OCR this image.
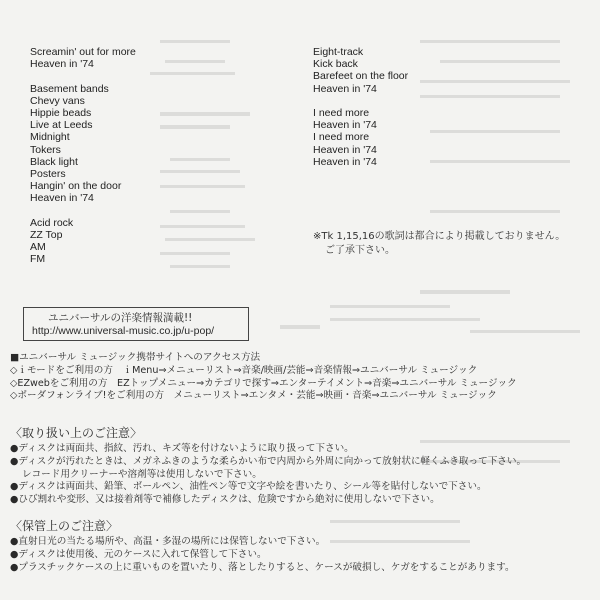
Screamin' out for more
Heaven in '74
Basement bands
Chevy vans
Hippie beads
Live at Leeds
Midnight
Tokers
Black light
Posters
Hangin' on the door
Heaven in '74
Acid rock
ZZ Top
AM
FM
Eight-track
Kick back
Barefeet on the floor
Heaven in '74
I need more
Heaven in '74
I need more
Heaven in '74
Heaven in '74
※Tk 1,15,16の歌詞は都合により掲載しておりません。
ご了承下さい。
ユニバーサルの洋楽情報満載!!
http://www.universal-music.co.jp/u-pop/
■ユニバーサル ミュージック携帯サイトへのアクセス方法
◇ｉモードをご利用の方　ｉMenu⇒メニューリスト⇒音楽/映画/芸能⇒音楽情報⇒ユニバーサル ミュージック
◇EZwebをご利用の方　EZトップメニュー⇒カテゴリで探す⇒エンターテイメント⇒音楽⇒ユニバーサル ミュージック
◇ボーダフォンライブ!をご利用の方　メニューリスト⇒エンタメ・芸能⇒映画・音楽⇒ユニバーサル ミュージック
〈取り扱い上のご注意〉
●ディスクは両面共、指紋、汚れ、キズ等を付けないように取り扱って下さい。
●ディスクが汚れたときは、メガネふきのような柔らかい布で内周から外周に向かって放射状に軽くふき取って下さい。
レコード用クリーナーや溶剤等は使用しないで下さい。
●ディスクは両面共、鉛筆、ボールペン、油性ペン等で文字や絵を書いたり、シール等を貼付しないで下さい。
●ひび割れや変形、又は接着剤等で補修したディスクは、危険ですから絶対に使用しないで下さい。
〈保管上のご注意〉
●直射日光の当たる場所や、高温・多湿の場所には保管しないで下さい。
●ディスクは使用後、元のケースに入れて保管して下さい。
●プラスチックケースの上に重いものを置いたり、落としたりすると、ケースが破損し、ケガをすることがあります。
